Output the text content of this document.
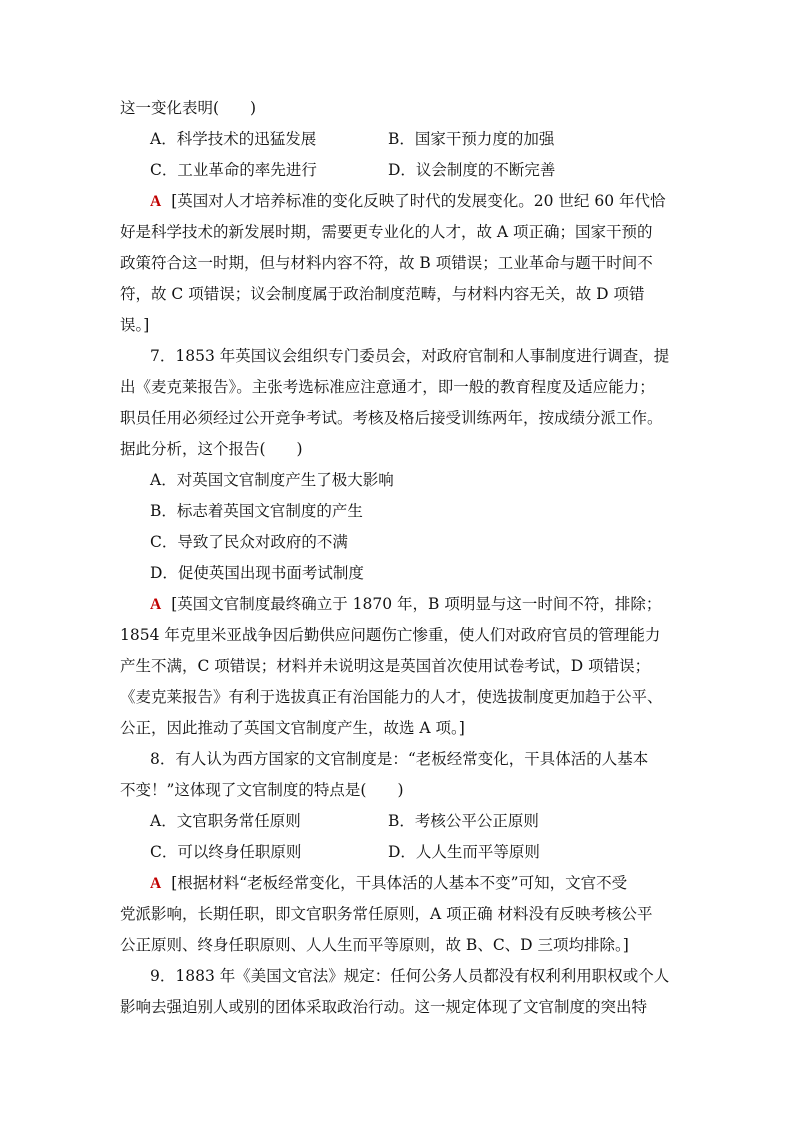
这一变化表明(　　)
A．科学技术的迅猛发展	B．国家干预力度的加强
C．工业革命的率先进行	D．议会制度的不断完善
A [英国对人才培养标准的变化反映了时代的发展变化。20 世纪 60 年代恰
好是科学技术的新发展时期，需要更专业化的人才，故 A 项正确；国家干预的
政策符合这一时期，但与材料内容不符，故 B 项错误；工业革命与题干时间不
符，故 C 项错误；议会制度属于政治制度范畴，与材料内容无关，故 D 项错
误。]
7．1853 年英国议会组织专门委员会，对政府官制和人事制度进行调查，提
出《麦克莱报告》。主张考选标准应注意通才，即一般的教育程度及适应能力；
职员任用必须经过公开竞争考试。考核及格后接受训练两年，按成绩分派工作。
据此分析，这个报告(　　)
A．对英国文官制度产生了极大影响
B．标志着英国文官制度的产生
C．导致了民众对政府的不满
D．促使英国出现书面考试制度
A [英国文官制度最终确立于 1870 年，B 项明显与这一时间不符，排除；
1854 年克里米亚战争因后勤供应问题伤亡惨重，使人们对政府官员的管理能力
产生不满，C 项错误；材料并未说明这是英国首次使用试卷考试，D 项错误；
《麦克莱报告》有利于选拔真正有治国能力的人才，使选拔制度更加趋于公平、
公正，因此推动了英国文官制度产生，故选 A 项。]
8．有人认为西方国家的文官制度是：“老板经常变化，干具体活的人基本
不变！”这体现了文官制度的特点是(　　)
A．文官职务常任原则	B．考核公平公正原则
C．可以终身任职原则	D．人人生而平等原则
A [根据材料“老板经常变化，干具体活的人基本不变”可知，文官不受
党派影响，长期任职，即文官职务常任原则，A 项正确 材料没有反映考核公平
公正原则、终身任职原则、人人生而平等原则，故 B、C、D 三项均排除。]
9．1883 年《美国文官法》规定：任何公务人员都没有权利利用职权或个人
影响去强迫别人或别的团体采取政治行动。这一规定体现了文官制度的突出特
